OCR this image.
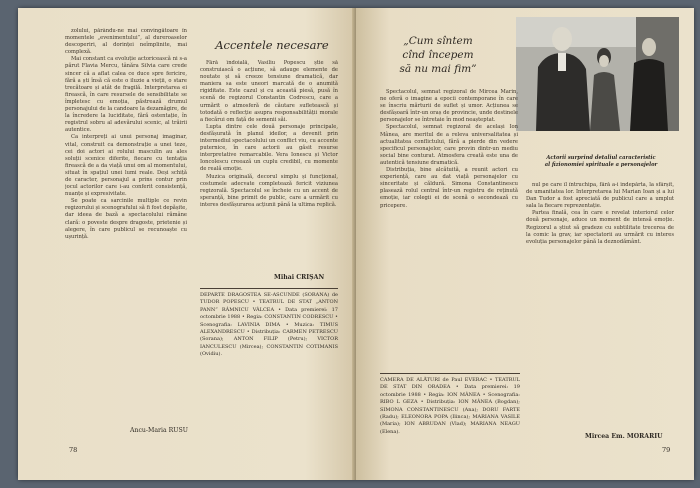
zolului, părându-ne mai convingătoare în momentele „evenimentului”, al dureroaselor descoperiri, al dorinței neîmplinite, mai complexă.

Mai constant ca evoluție actoricească ni s-a părut Flavia Mercu, tânăra Silvia care crede sincer că a aflat calea ce duce spre fericire, fără a ști însă că este o iluzie a vieții, o stare trecătoare și atât de fragilă. Interpretarea ei firească, în care resursele de sensibilitate se împletesc cu emoția, păstrează drumul personajului de la candoare la dezamăgire, de la încredere la luciditate, fără ostentație, în registrul sobru al adevărului scenic, al trăirii autentice.

Ca interpreți ai unui personaj imaginar, vital, construit ca demonstrație a unei teze, cei doi actori ai rolului masculin au ales soluții scenice diferite, fiecare cu tentația firească de a da viață unui om al momentului, situat în spațiul unei lumi reale. Deși schiță de caracter, personajul a prins contur prin jocul actorilor care i-au conferit consistență, nuanțe și expresivitate.

Se poate ca sarcinile multiple ce revin regizorului și scenografului să fi fost depășite, dar ideea de bază a spectacolului rămâne clară: o poveste despre dragoste, prietenie și alegere, în care publicul se recunoaște cu ușurință.

Ancu-Maria RUSU
Accentele necesare

Fără îndoială, Vasiliu Popescu știe să construiască o acțiune, să adauge elemente de noutate și să creeze tensiune dramatică, dar maniera sa este uneori marcată de o anumită rigiditate. Este cazul și cu această piesă, pusă în scenă de regizorul Constantin Codrescu, care a urmărit o atmosferă de căutare sufletească și totodată o reflecție asupra responsabilității morale a fiecărui om față de semenii săi.

Lupta dintre cele două personaje principale, desfășurată în planul ideilor, a devenit prin intermediul spectacolului un conflict viu, cu accente puternice, în care actorii au găsit resurse interpretative remarcabile. Vera Ionescu și Victor Ioncolescu creează un cuplu credibil, cu momente de reală emoție.

Muzica originală, decorul simplu și funcțional, costumele adecvate completează fericit viziunea regizorală. Spectacolul se încheie cu un accent de speranță, bine primit de public, care a urmărit cu interes desfășurarea acțiunii până la ultima replică.

Mihai CRIȘAN
DEPARTE DRAGOSTEA SE-ASCUNDE (SORANA) de TUDOR POPESCU • TEATRUL DE STAT „ANTON PANN” RÂMNICU VÂLCEA • Data premierei: 17 octombrie 1988 • Regia: CONSTANTIN CODRESCU • Scenografia: LAVINIA DIMA • Muzica: TIMUS ALEXANDRESCU • Distribuția: CARMEN PETRESCU (Sorana); ANTON FILIP (Petru); VICTOR IANCULESCU (Mircea); CONSTANTIN COTIMANIS (Ovidiu).
78
„Cum sîntem
cînd începem
să nu mai fim”
Actorii surprind detaliul caracteristic
al fizionomiei spirituale a personajelor

Spectacolul, semnat regizoral de Mircea Marin, ne oferă o imagine a epocii contemporane în care se înscriu mărturii de suflet și umor. Acțiunea se desfășoară într-un oraș de provincie, unde destinele personajelor se întretaie în mod neașteptat.

Spectacolul, semnat regizoral de același Ion Mânea, are meritul de a releva universalitatea și actualitatea conflictului, fără a pierde din vedere specificul personajelor, care provin dintr-un mediu social bine conturat. Atmosfera creată este una de autentică tensiune dramatică.

Distribuția, bine alcătuită, a reunit actori cu experiență, care au dat viață personajelor cu sinceritate și căldură. Simona Constantinescu plasează rolul central într-un registru de reținută emoție, iar colegii ei de scenă o secondează cu pricepere.

nul pe care îl întruchipa, fără a-i îndepărta, la sfârșit, de umanitatea lor. Interpretarea lui Marian Ioan și a lui Dan Tudor a fost apreciată de publicul care a umplut sala la fiecare reprezentație.

Partea finală, cea în care e revelat interiorul celor două personaje, aduce un moment de intensă emoție. Regizorul a știut să gradeze cu subtilitate trecerea de la comic la grav, iar spectatorii au urmărit cu interes evoluția personajelor până la deznodământ.

CAMERA DE ALĂTURI de Paul EVERAC • TEATRUL DE STAT DIN ORADEA • Data premierei: 19 octombrie 1988 • Regia: ION MÂNEA • Scenografia: RIBO L GEZA • Distribuția: ION MÂNEA (Bogdan); SIMONA CONSTANTINESCU (Ana); DORU FARTE (Radu); ELEONORA POPA (Ilinca); MARIANA VASILE (Maria); ION ABRUDAN (Vlad); MARIANA NEAGU (Elena).
Mircea Em. MORARIU
79
